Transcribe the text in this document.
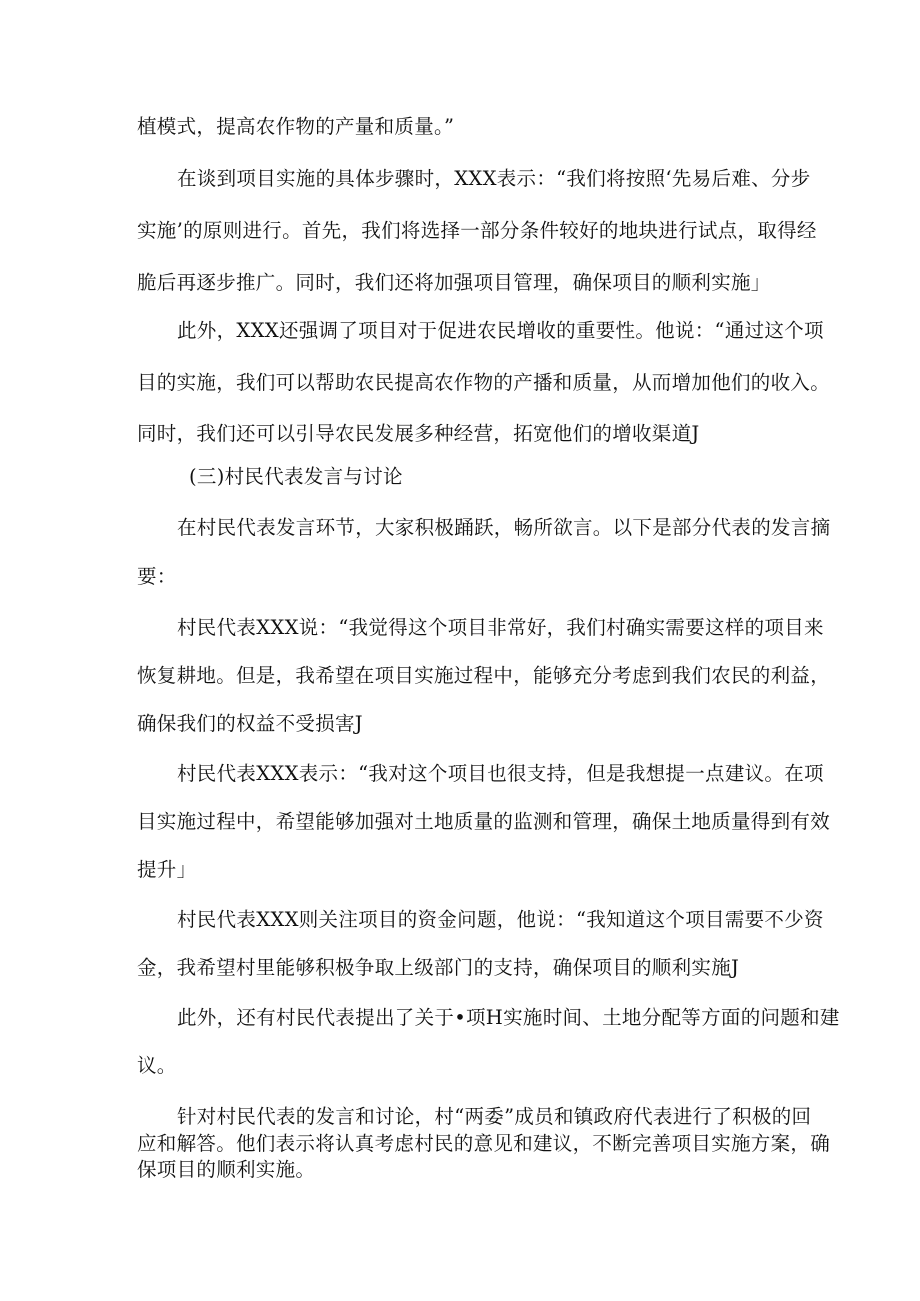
植模式，提高农作物的产量和质量。”
在谈到项目实施的具体步骤时，XXX表示：“我们将按照‘先易后难、分步
实施’的原则进行。首先，我们将选择一部分条件较好的地块进行试点，取得经
脆后再逐步推广。同时，我们还将加强项目管理，确保项目的顺利实施」
此外，XXX还强调了项目对于促进农民增收的重要性。他说：“通过这个项
目的实施，我们可以帮助农民提高农作物的产播和质量，从而增加他们的收入。
同时，我们还可以引导农民发展多种经营，拓宽他们的增收渠道J
(三)村民代表发言与讨论
在村民代表发言环节，大家积极踊跃，畅所欲言。以下是部分代表的发言摘
要：
村民代表XXX说：“我觉得这个项目非常好，我们村确实需要这样的项目来
恢复耕地。但是，我希望在项目实施过程中，能够充分考虑到我们农民的利益，
确保我们的权益不受损害J
村民代表XXX表示：“我对这个项目也很支持，但是我想提一点建议。在项
目实施过程中，希望能够加强对土地质量的监测和管理，确保土地质量得到有效
提升」
村民代表XXX则关注项目的资金问题，他说：“我知道这个项目需要不少资
金，我希望村里能够积极争取上级部门的支持，确保项目的顺利实施J
此外，还有村民代表提出了关于•项H实施时间、土地分配等方面的问题和建
议。
针对村民代表的发言和讨论，村“两委”成员和镇政府代表进行了积极的回
应和解答。他们表示将认真考虑村民的意见和建议，不断完善项目实施方案，确
保项目的顺利实施。
